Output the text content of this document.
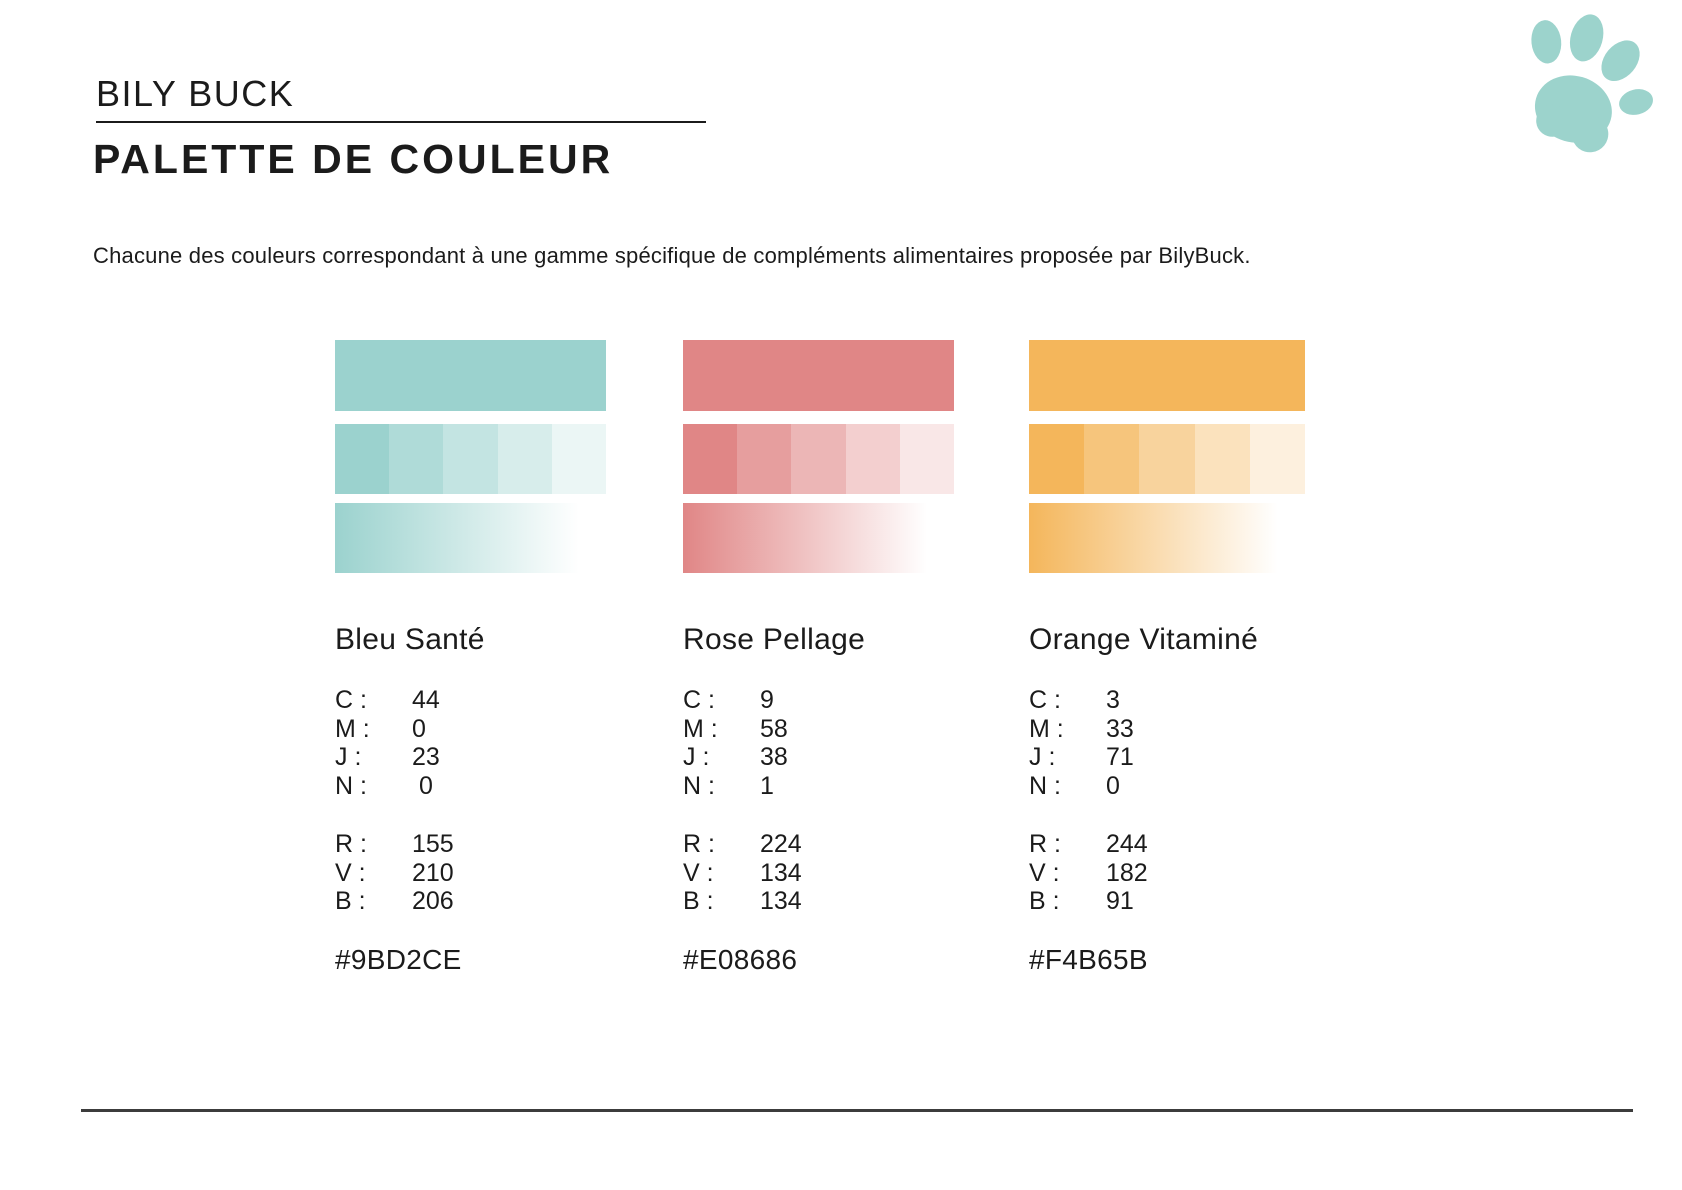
BILY BUCK
PALETTE DE COULEUR

Chacune des couleurs correspondant à une gamme spécifique de compléments alimentaires proposée par BilyBuck.

Bleu Santé
C :	44
M :	0
J :	23
N :	0
R :	155
V :	210
B :	206
#9BD2CE
Rose Pellage
C :	9
M :	58
J :	38
N :	1
R :	224
V :	134
B :	134
#E08686
Orange Vitaminé
C :	3
M :	33
J :	71
N :	0
R :	244
V :	182
B :	91
#F4B65B
